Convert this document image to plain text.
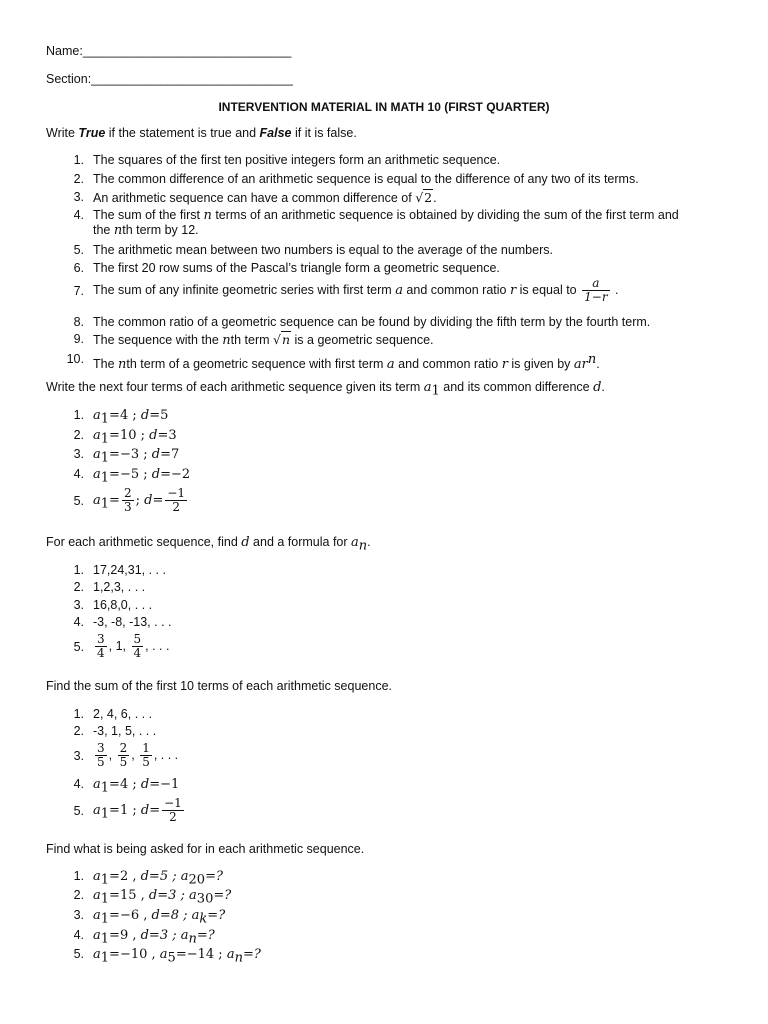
Name:______________________________
Section:_____________________________
INTERVENTION MATERIAL IN MATH 10 (FIRST QUARTER)
Write True if the statement is true and False if it is false.
1. The squares of the first ten positive integers form an arithmetic sequence.
2. The common difference of an arithmetic sequence is equal to the difference of any two of its terms.
3. An arithmetic sequence can have a common difference of √2.
4. The sum of the first n terms of an arithmetic sequence is obtained by dividing the sum of the first term and
the nth term by 12.
5. The arithmetic mean between two numbers is equal to the average of the numbers.
6. The first 20 row sums of the Pascal’s triangle form a geometric sequence.
7. The sum of any infinite geometric series with first term a and common ratio r is equal to $\frac{a}{1-r}$ .
8. The common ratio of a geometric sequence can be found by dividing the fifth term by the fourth term.
9. The sequence with the nth term √n is a geometric sequence.
10. The nth term of a geometric sequence with first term a and common ratio r is given by $ar^n$.
Write the next four terms of each arithmetic sequence given its term $a_1$ and its common difference d.
1. $a_1=4$ ; d=5
2. $a_1=10$ ; d=3
3. $a_1=-3$ ; d=7
4. $a_1=-5$ ; d=−2
5. $a_1= \frac{2}{3}$ ; $d= \frac{-1}{2}$
For each arithmetic sequence, find d and a formula for $a_n$.
1. 17,24,31, . . .
2. 1,2,3, . . .
3. 16,8,0, . . .
4. -3, -8, -13, . . .
5. $\frac{3}{4}$ , 1, $\frac{5}{4}$ , . . .
Find the sum of the first 10 terms of each arithmetic sequence.
1. 2, 4, 6, . . .
2. -3, 1, 5, . . .
3. $\frac{3}{5}$ , $\frac{2}{5}$ , $\frac{1}{5}$ , . . .
4. $a_1=4$ ; d=−1
5. $a_1=1$ ; $d= \frac{-1}{2}$
Find what is being asked for in each arithmetic sequence.
1. $a_1=2$ , d=5 ; $a_{20}=$?
2. $a_1=15$ , d=3 ; $a_{30}=$?
3. $a_1=-6$ , d=8 ; $a_k=$?
4. $a_1=9$ , d=3 ; $a_n=$?
5. $a_1=-10$ , $a_5=-14$ ; $a_n=$?
